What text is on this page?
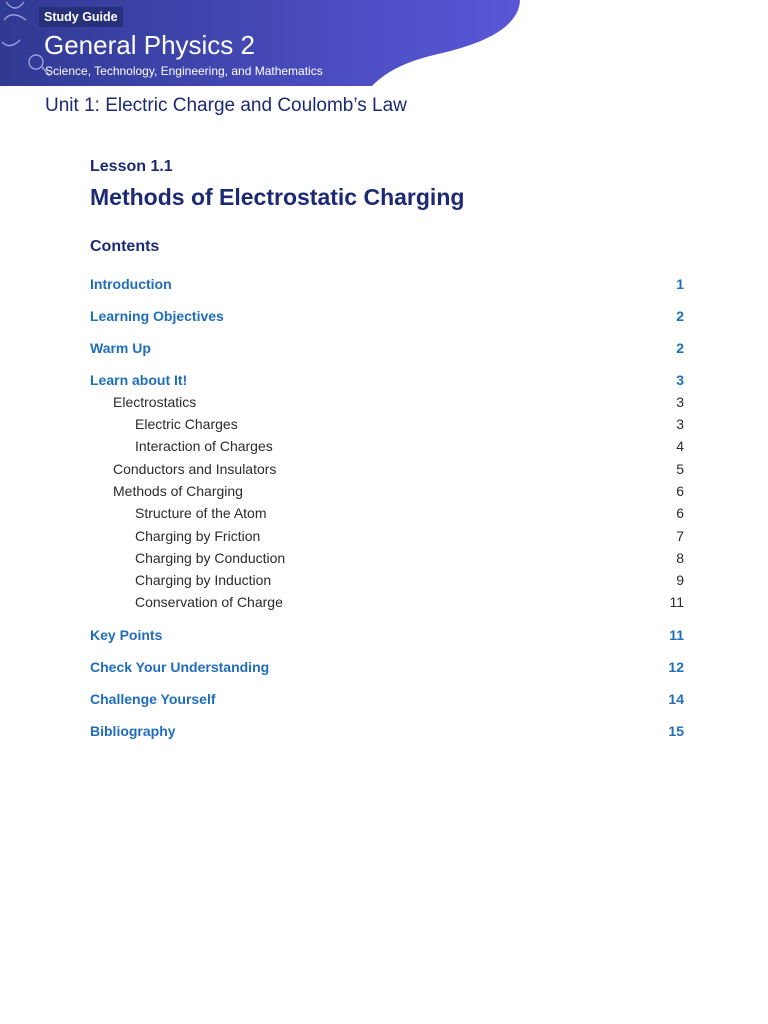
Study Guide
General Physics 2
Science, Technology, Engineering, and Mathematics
Unit 1: Electric Charge and Coulomb’s Law
Lesson 1.1
Methods of Electrostatic Charging
Contents
Introduction	1
Learning Objectives	2
Warm Up	2
Learn about It!	3
Electrostatics	3
Electric Charges	3
Interaction of Charges	4
Conductors and Insulators	5
Methods of Charging	6
Structure of the Atom	6
Charging by Friction	7
Charging by Conduction	8
Charging by Induction	9
Conservation of Charge	11
Key Points	11
Check Your Understanding	12
Challenge Yourself	14
Bibliography	15
